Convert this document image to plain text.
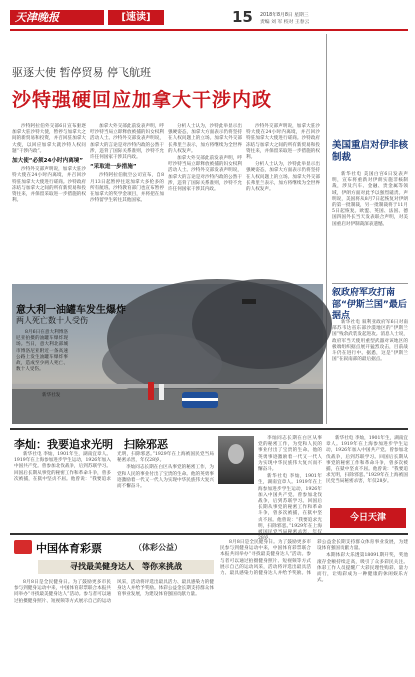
天津晚报	[速读]	15 2018年8月8日 星期三
责编 刘 军 校对 王春云
驱逐大使 暂停贸易 停飞航班
沙特强硬回应加拿大干涉内政

沙特阿拉伯外交部6日宣布驱逐加拿大驻沙特大使，暂停与加拿大之间的新贸易和投资，并召回驻加拿大大使，以回应加拿大就沙特人权问题“干涉内政”。

加大使“必须24小时内离境”

沙特外交部声明说，加拿大驻沙特大使在24小时内离境，并召回沙特驻加拿大大使进行磋商。沙特政府冻结与加拿大之间的所有新贸易和投资往来，并保留采取进一步措施的权利。

加拿大外交部此前发表声明，呼吁沙特当局立即释放被捕的妇女权利活动人士。沙特外交部发表声明说，加拿大的言论是对沙特内政的公然干涉，违背了国际关系准则，沙特不允许任何国家干涉其内政。

“采取进一步措施”

沙特阿拉伯航空公司宣布，自8月13日起暂停往返加拿大多伦多的所有航班。沙特教育部门也宣布暂停在加拿大的奖学金项目，并将把在加沙特留学生转往其他国家。

分析人士认为，沙特此举显示出强硬姿态，加拿大方面表示仍将坚持在人权问题上的立场。加拿大外交部长弗里兰表示，加方将继续为全世界的人权发声。

加拿大外交部此前发表声明，呼吁沙特当局立即释放被捕的妇女权利活动人士。沙特外交部发表声明说，加拿大的言论是对沙特内政的公然干涉，违背了国际关系准则，沙特不允许任何国家干涉其内政。

沙特外交部声明说，加拿大驻沙特大使在24小时内离境，并召回沙特驻加拿大大使进行磋商。沙特政府冻结与加拿大之间的所有新贸易和投资往来，并保留采取进一步措施的权利。

分析人士认为，沙特此举显示出强硬姿态，加拿大方面表示仍将坚持在人权问题上的立场。加拿大外交部长弗里兰表示，加方将继续为全世界的人权发声。

美国重启对伊非核制裁

新华社电 美国白宫6日发表声明，宣布将重新对伊朗实施非核制裁，涉及汽车、金融、贵金属等领域，伊朗方面对此予以强烈谴责。声明说，美国将从8月7日起恢复对伊朗的第一批制裁，另一批制裁将于11月5日起恢复。欧盟、英国、法国、德国四国外长当天发表联合声明，对美国重启对伊制裁深表遗憾。

叙政府军攻打南部“伊斯兰国”最后据点

新华社电 叙利亚政府军6日对南部苏韦达省东部沙漠地区的“伊斯兰国”残余武装发起进攻。消息人士说，政府军当天使用重型武器对该地区的极端组织据点展开猛烈攻击，目前战斗仍在进行中。据悉，这是“伊斯兰国”在叙南部的最后据点。

意大利一油罐车发生爆炸
两人死亡数十人受伤

8月6日在意大利博洛尼亚拍摄的油罐车爆炸现场。当日，意大利北部城市博洛尼亚附近一条高速公路上发生油罐车爆炸事故，造成至少两人死亡、数十人受伤。

新华社发
李灿：我要追求光明　扫除邪恶

新华社电 李灿，1901年生，湖南宜章人。1919年在上海参加进步学生运动，1926年加入中国共产党。曾参加北伐战争，后到苏联学习。回国后长期从事党的秘密工作和革命斗争，曾多次被捕，在狱中坚贞不屈。他曾说：“我要追求光明，扫除邪恶。”1929年在上海被国民党当局秘密杀害，年仅28岁。

李灿同志长期在白区从事党的秘密工作，为党和人民的事业付出了宝贵的生命。他的英勇事迹激励着一代又一代人为实现中华民族伟大复兴而不懈奋斗。

李灿同志长期在白区从事党的秘密工作，为党和人民的事业付出了宝贵的生命。他的英勇事迹激励着一代又一代人为实现中华民族伟大复兴而不懈奋斗。

新华社电 李灿，1901年生，湖南宜章人。1919年在上海参加进步学生运动，1926年加入中国共产党。曾参加北伐战争，后到苏联学习。回国后长期从事党的秘密工作和革命斗争，曾多次被捕，在狱中坚贞不屈。他曾说：“我要追求光明，扫除邪恶。”1929年在上海 28岁。

新华社电 李灿，1901年生，湖南宜章人。1919年在上海参加进步学生运动，1926年加入中国共产党。曾参加北伐战争，后到苏联学习。回国后长期从事党的秘密工作和革命斗争，曾多次被捕，在狱中坚贞不屈。他曾说：“我要追求光明，扫除邪恶。”1929年在上海被国民党当局秘密杀害，年仅28岁。

今日天津
中国体育彩票	（体彩公益）
寻找最美健身达人　等你来挑战

8月8日是全民健身日。为了鼓励更多市民参与到健身运动中来，中国体育彩票联合本报共同举办“寻找最美健身达人”活动。参与者可以通过拍摄健身照片、短视频等方式展示自己的运动风采，活动将评选出最具活力、最具感染力的健身达人并给予奖励。体彩公益金长期支持群众体育事业发展，为建设体育强国贡献力量。

8月8日是全民健身日。为了鼓励更多市民参与到健身运动中来，中国体育彩票联合本报共同举办“寻找最美健身达人”活动。参与者可以通过拍摄健身照片、短视频等方式展示自己的运动风采，活动将评选出最具活力、最具感染力的健身达人并给予奖励。体彩公益金长期支持群众体育事业发展，为建设体育强国贡献力量。

本期体彩大乐透第18091期开奖，奖池滚存金额持续走高，吸引了众多彩民关注。体彩工作人员提醒广大彩民理性购彩、量力而行，让购彩成为一种健康的休闲娱乐方式。
